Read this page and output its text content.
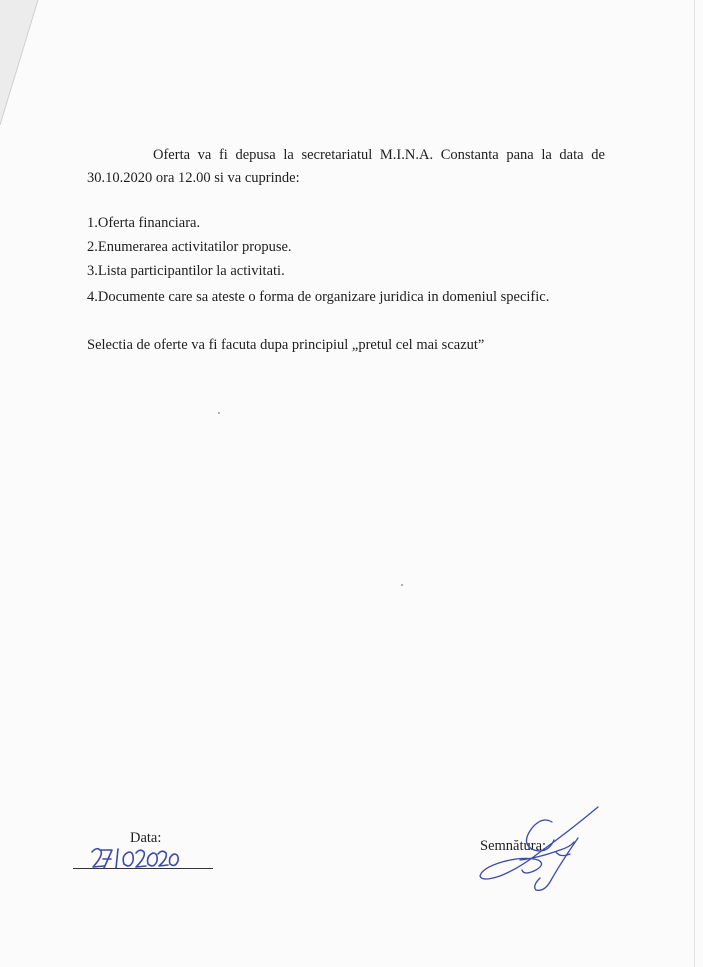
Oferta va fi depusa la secretariatul M.I.N.A. Constanta pana la data de
30.10.2020 ora 12.00 si va cuprinde:
1.Oferta financiara.
2.Enumerarea activitatilor propuse.
3.Lista participantilor la activitati.
4.Documente care sa ateste o forma de organizare juridica in domeniul specific.
Selectia de oferte va fi facuta dupa principiul „pretul cel mai scazut”
Data:	Semnătura:
